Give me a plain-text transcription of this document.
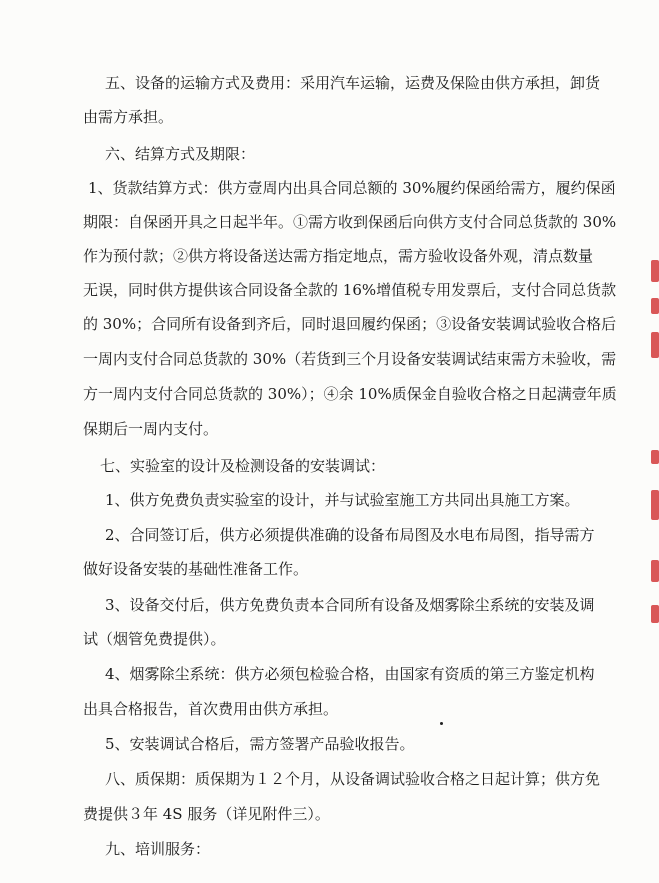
五、设备的运输方式及费用：采用汽车运输，运费及保险由供方承担，卸货
由需方承担。
六、结算方式及期限：
1、货款结算方式：供方壹周内出具合同总额的 30%履约保函给需方，履约保函
期限：自保函开具之日起半年。①需方收到保函后向供方支付合同总货款的 30%
作为预付款；②供方将设备送达需方指定地点，需方验收设备外观，清点数量
无误，同时供方提供该合同设备全款的 16%增值税专用发票后，支付合同总货款
的 30%；合同所有设备到齐后，同时退回履约保函；③设备安装调试验收合格后
一周内支付合同总货款的 30%（若货到三个月设备安装调试结束需方未验收，需
方一周内支付合同总货款的 30%）；④余 10%质保金自验收合格之日起满壹年质
保期后一周内支付。
七、实验室的设计及检测设备的安装调试：
1、供方免费负责实验室的设计，并与试验室施工方共同出具施工方案。
2、合同签订后，供方必须提供准确的设备布局图及水电布局图，指导需方
做好设备安装的基础性准备工作。
3、设备交付后，供方免费负责本合同所有设备及烟雾除尘系统的安装及调
试（烟管免费提供）。
4、烟雾除尘系统：供方必须包检验合格，由国家有资质的第三方鉴定机构
出具合格报告，首次费用由供方承担。
5、安装调试合格后，需方签署产品验收报告。
八、质保期：质保期为１２个月，从设备调试验收合格之日起计算；供方免
费提供３年 4S 服务（详见附件三）。
九、培训服务：
